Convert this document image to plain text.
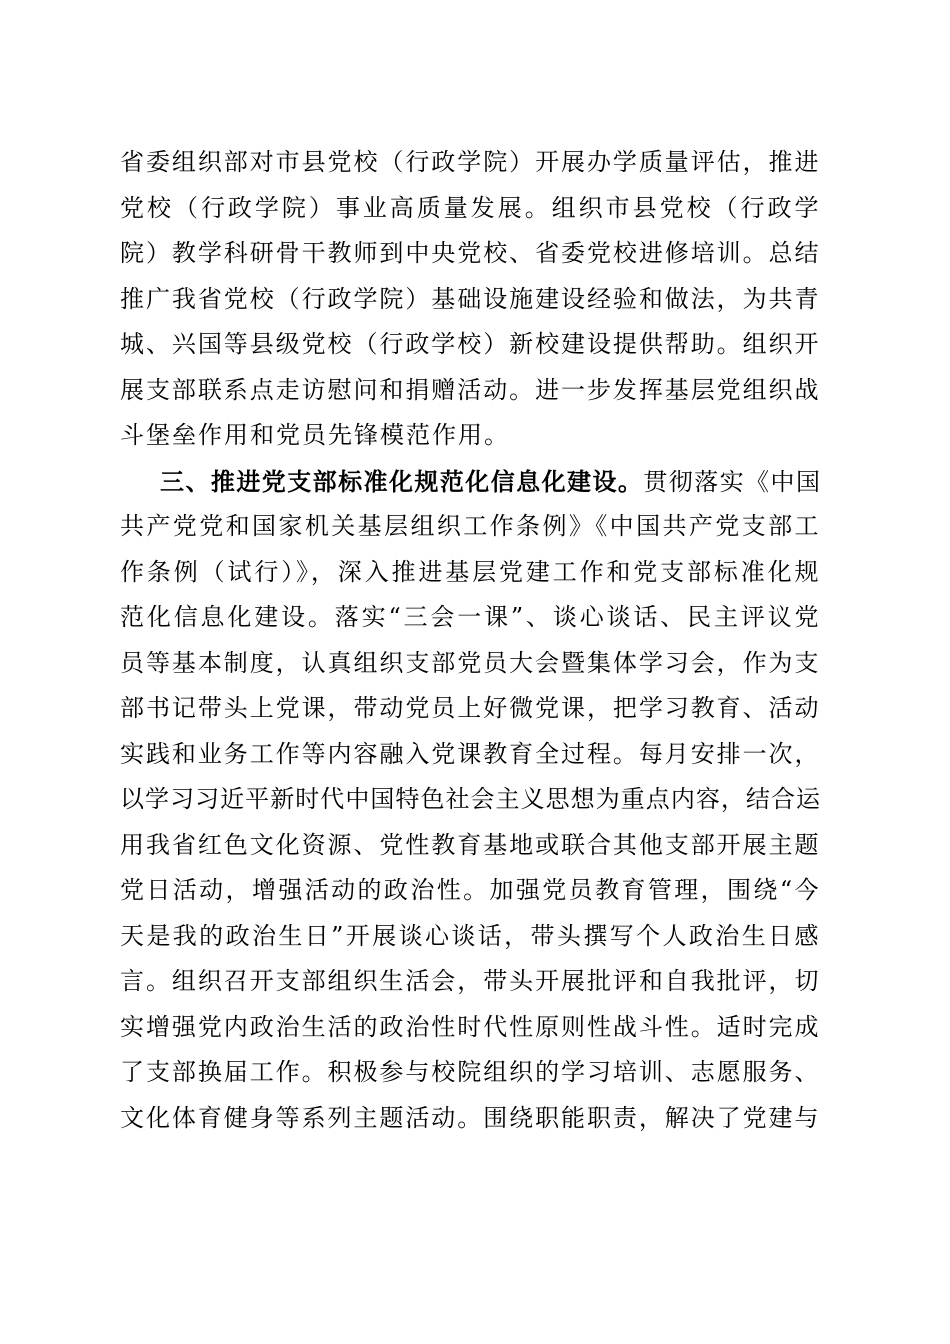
省委组织部对市县党校（行政学院）开展办学质量评估，推进
党校（行政学院）事业高质量发展。组织市县党校（行政学
院）教学科研骨干教师到中央党校、省委党校进修培训。总结
推广我省党校（行政学院）基础设施建设经验和做法，为共青
城、兴国等县级党校（行政学校）新校建设提供帮助。组织开
展支部联系点走访慰问和捐赠活动。进一步发挥基层党组织战
斗堡垒作用和党员先锋模范作用。
三、推进党支部标准化规范化信息化建设。贯彻落实《中国
共产党党和国家机关基层组织工作条例》《中国共产党支部工
作条例（试行）》，深入推进基层党建工作和党支部标准化规
范化信息化建设。落实“三会一课”、谈心谈话、民主评议党
员等基本制度，认真组织支部党员大会暨集体学习会，作为支
部书记带头上党课，带动党员上好微党课，把学习教育、活动
实践和业务工作等内容融入党课教育全过程。每月安排一次，
以学习习近平新时代中国特色社会主义思想为重点内容，结合运
用我省红色文化资源、党性教育基地或联合其他支部开展主题
党日活动，增强活动的政治性。加强党员教育管理，围绕“今
天是我的政治生日”开展谈心谈话，带头撰写个人政治生日感
言。组织召开支部组织生活会，带头开展批评和自我批评，切
实增强党内政治生活的政治性时代性原则性战斗性。适时完成
了支部换届工作。积极参与校院组织的学习培训、志愿服务、
文化体育健身等系列主题活动。围绕职能职责，解决了党建与
